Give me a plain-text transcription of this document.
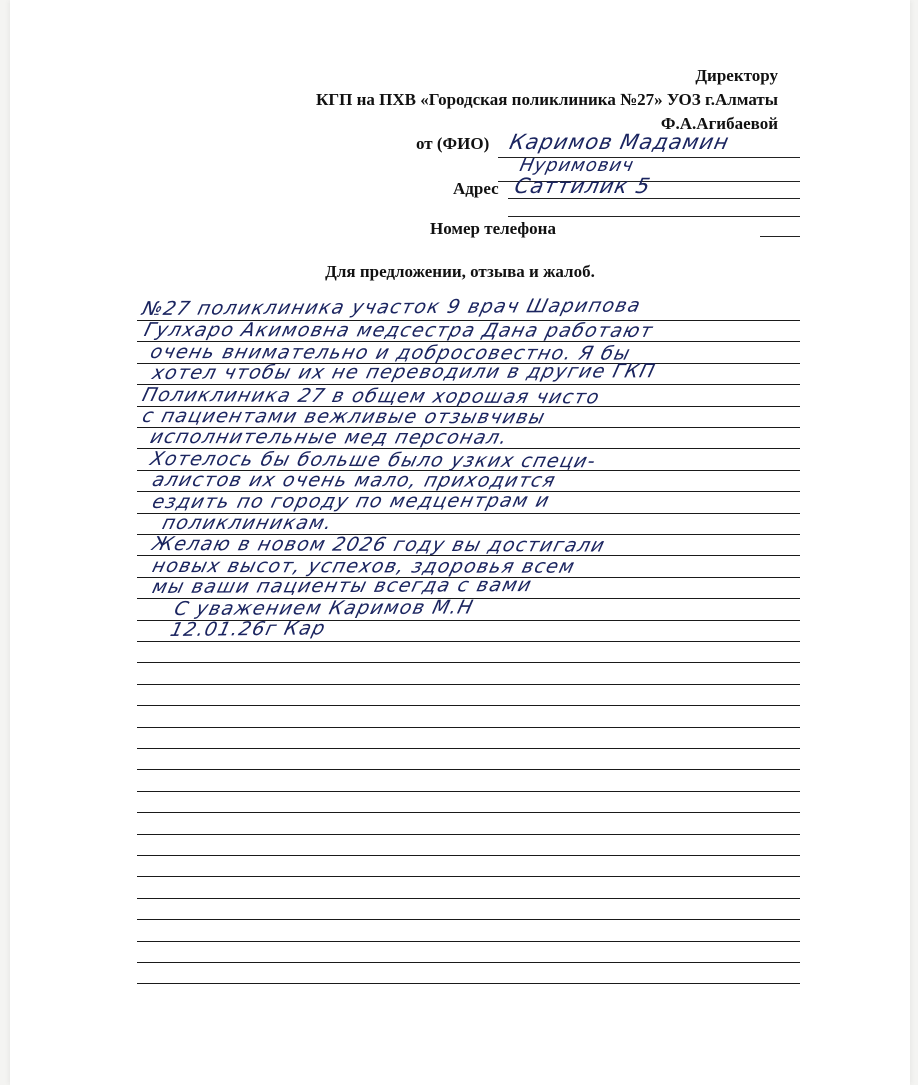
Директору
КГП на ПХВ «Городская поликлиника №27» УОЗ г.Алматы
Ф.А.Агибаевой
от (ФИО) Каримов Мадамин
Нуримович
Адрес Саттилик 5
Номер телефона
Для предложении, отзыва и жалоб.
№27 поликлиника участок 9 врач Шарипова
Гулхаро Акимовна медсестра Дана работают
очень внимательно и добросовестно. Я бы
хотел чтобы их не переводили в другие ГКП
Поликлиника 27 в общем хорошая чисто
с пациентами вежливые отзывчивы
исполнительные мед персонал.
Хотелось бы больше было узких специ-
алистов их очень мало, приходится
ездить по городу по медцентрам и
поликлиникам.
Желаю в новом 2026 году вы достигали
новых высот, успехов, здоровья всем
мы ваши пациенты всегда с вами
С уважением Каримов М.Н
12.01.26г Кар
